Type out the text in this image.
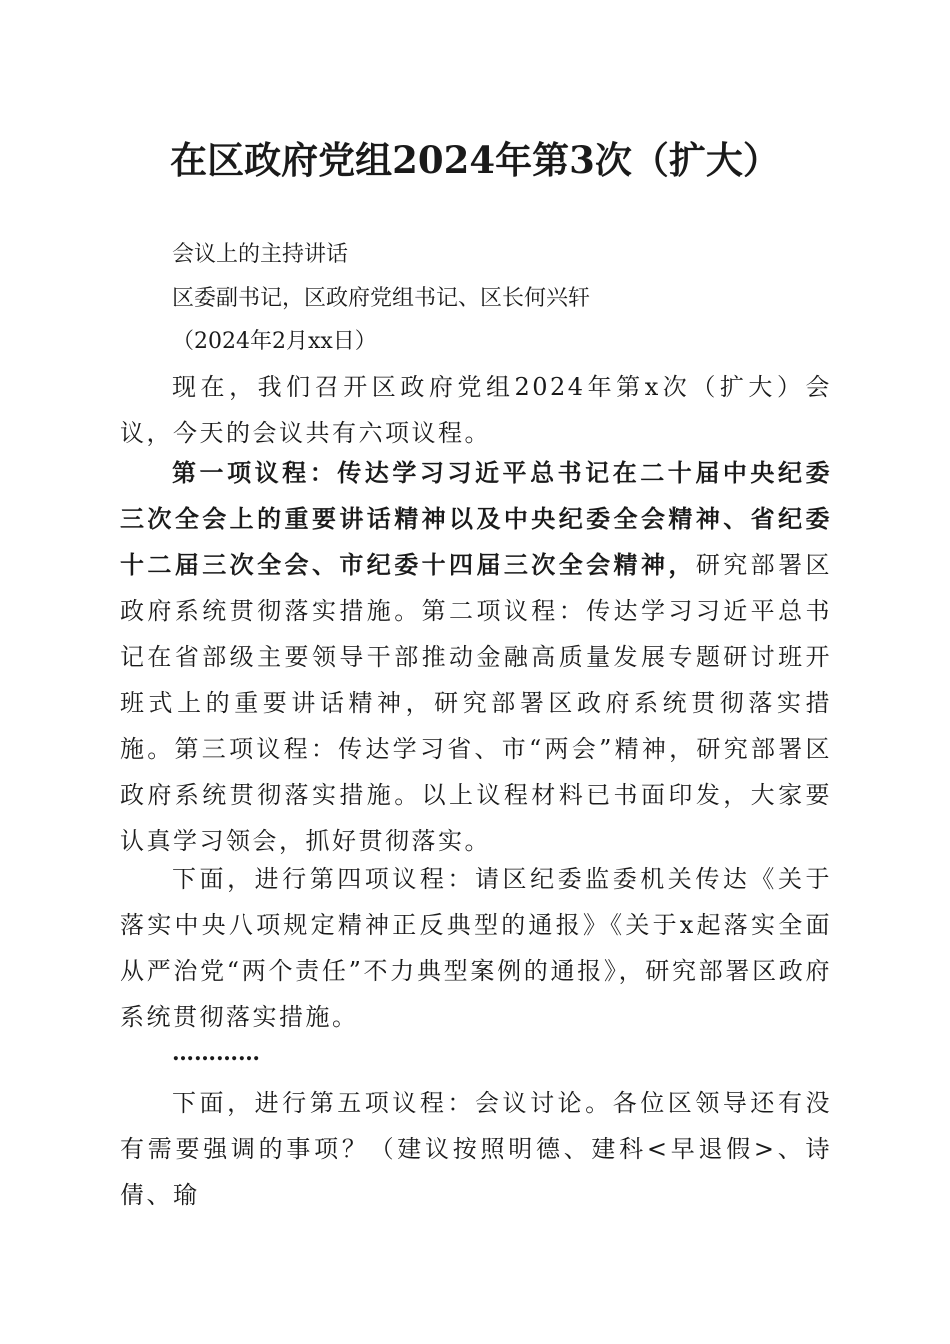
在区政府党组2024年第3次（扩大）

会议上的主持讲话

区委副书记，区政府党组书记、区长何兴轩

（2024年2月xx日）

现在，我们召开区政府党组2024年第x次（扩大）会议，今天的会议共有六项议程。

第一项议程：传达学习习近平总书记在二十届中央纪委三次全会上的重要讲话精神以及中央纪委全会精神、省纪委十二届三次全会、市纪委十四届三次全会精神，研究部署区政府系统贯彻落实措施。第二项议程：传达学习习近平总书记在省部级主要领导干部推动金融高质量发展专题研讨班开班式上的重要讲话精神，研究部署区政府系统贯彻落实措施。第三项议程：传达学习省、市“两会”精神，研究部署区政府系统贯彻落实措施。以上议程材料已书面印发，大家要认真学习领会，抓好贯彻落实。

下面，进行第四项议程：请区纪委监委机关传达《关于落实中央八项规定精神正反典型的通报》《关于x起落实全面从严治党“两个责任”不力典型案例的通报》，研究部署区政府系统贯彻落实措施。

…………

下面，进行第五项议程：会议讨论。各位区领导还有没有需要强调的事项？（建议按照明德、建科<早退假>、诗倩、瑜
